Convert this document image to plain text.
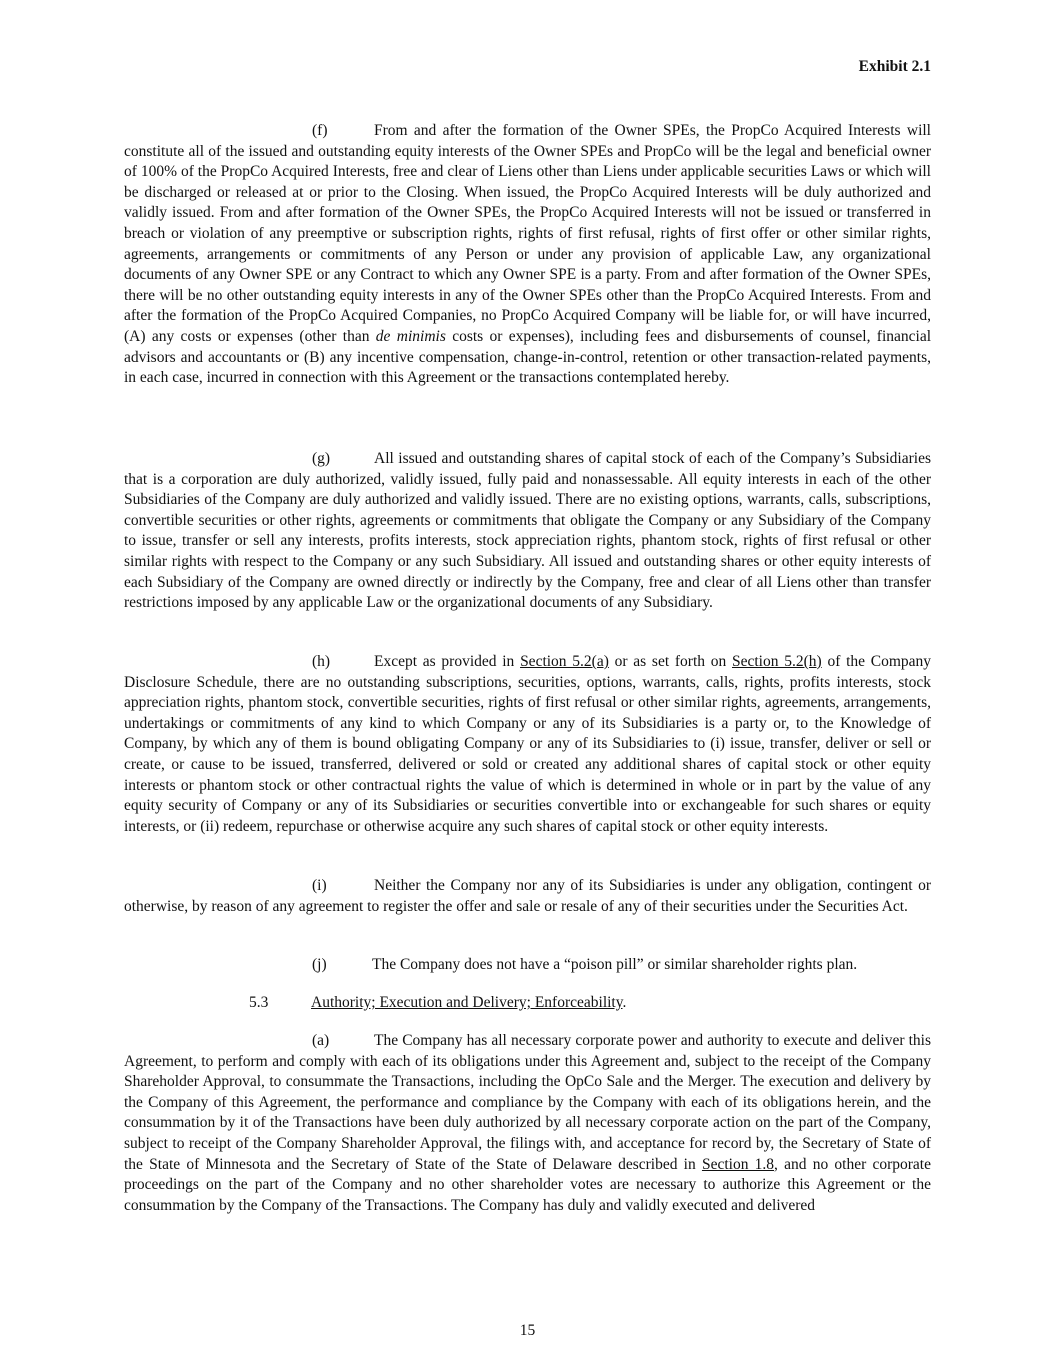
Exhibit 2.1

(f)	From and after the formation of the Owner SPEs, the PropCo Acquired Interests will constitute all of the issued and outstanding equity interests of the Owner SPEs and PropCo will be the legal and beneficial owner of 100% of the PropCo Acquired Interests, free and clear of Liens other than Liens under applicable securities Laws or which will be discharged or released at or prior to the Closing. When issued, the PropCo Acquired Interests will be duly authorized and validly issued. From and after formation of the Owner SPEs, the PropCo Acquired Interests will not be issued or transferred in breach or violation of any preemptive or subscription rights, rights of first refusal, rights of first offer or other similar rights, agreements, arrangements or commitments of any Person or under any provision of applicable Law, any organizational documents of any Owner SPE or any Contract to which any Owner SPE is a party. From and after formation of the Owner SPEs, there will be no other outstanding equity interests in any of the Owner SPEs other than the PropCo Acquired Interests. From and after the formation of the PropCo Acquired Companies, no PropCo Acquired Company will be liable for, or will have incurred, (A) any costs or expenses (other than de minimis costs or expenses), including fees and disbursements of counsel, financial advisors and accountants or (B) any incentive compensation, change-in-control, retention or other transaction-related payments, in each case, incurred in connection with this Agreement or the transactions contemplated hereby.

(g)	All issued and outstanding shares of capital stock of each of the Company’s Subsidiaries that is a corporation are duly authorized, validly issued, fully paid and nonassessable. All equity interests in each of the other Subsidiaries of the Company are duly authorized and validly issued. There are no existing options, warrants, calls, subscriptions, convertible securities or other rights, agreements or commitments that obligate the Company or any Subsidiary of the Company to issue, transfer or sell any interests, profits interests, stock appreciation rights, phantom stock, rights of first refusal or other similar rights with respect to the Company or any such Subsidiary. All issued and outstanding shares or other equity interests of each Subsidiary of the Company are owned directly or indirectly by the Company, free and clear of all Liens other than transfer restrictions imposed by any applicable Law or the organizational documents of any Subsidiary.

(h)	Except as provided in Section 5.2(a) or as set forth on Section 5.2(h) of the Company Disclosure Schedule, there are no outstanding subscriptions, securities, options, warrants, calls, rights, profits interests, stock appreciation rights, phantom stock, convertible securities, rights of first refusal or other similar rights, agreements, arrangements, undertakings or commitments of any kind to which Company or any of its Subsidiaries is a party or, to the Knowledge of Company, by which any of them is bound obligating Company or any of its Subsidiaries to (i) issue, transfer, deliver or sell or create, or cause to be issued, transferred, delivered or sold or created any additional shares of capital stock or other equity interests or phantom stock or other contractual rights the value of which is determined in whole or in part by the value of any equity security of Company or any of its Subsidiaries or securities convertible into or exchangeable for such shares or equity interests, or (ii) redeem, repurchase or otherwise acquire any such shares of capital stock or other equity interests.

(i)	Neither the Company nor any of its Subsidiaries is under any obligation, contingent or otherwise, by reason of any agreement to register the offer and sale or resale of any of their securities under the Securities Act.

(j)	The Company does not have a “poison pill” or similar shareholder rights plan.
5.3	Authority; Execution and Delivery; Enforceability.

(a)	The Company has all necessary corporate power and authority to execute and deliver this Agreement, to perform and comply with each of its obligations under this Agreement and, subject to the receipt of the Company Shareholder Approval, to consummate the Transactions, including the OpCo Sale and the Merger. The execution and delivery by the Company of this Agreement, the performance and compliance by the Company with each of its obligations herein, and the consummation by it of the Transactions have been duly authorized by all necessary corporate action on the part of the Company, subject to receipt of the Company Shareholder Approval, the filings with, and acceptance for record by, the Secretary of State of the State of Minnesota and the Secretary of State of the State of Delaware described in Section 1.8, and no other corporate proceedings on the part of the Company and no other shareholder votes are necessary to authorize this Agreement or the consummation by the Company of the Transactions. The Company has duly and validly executed and delivered

15
